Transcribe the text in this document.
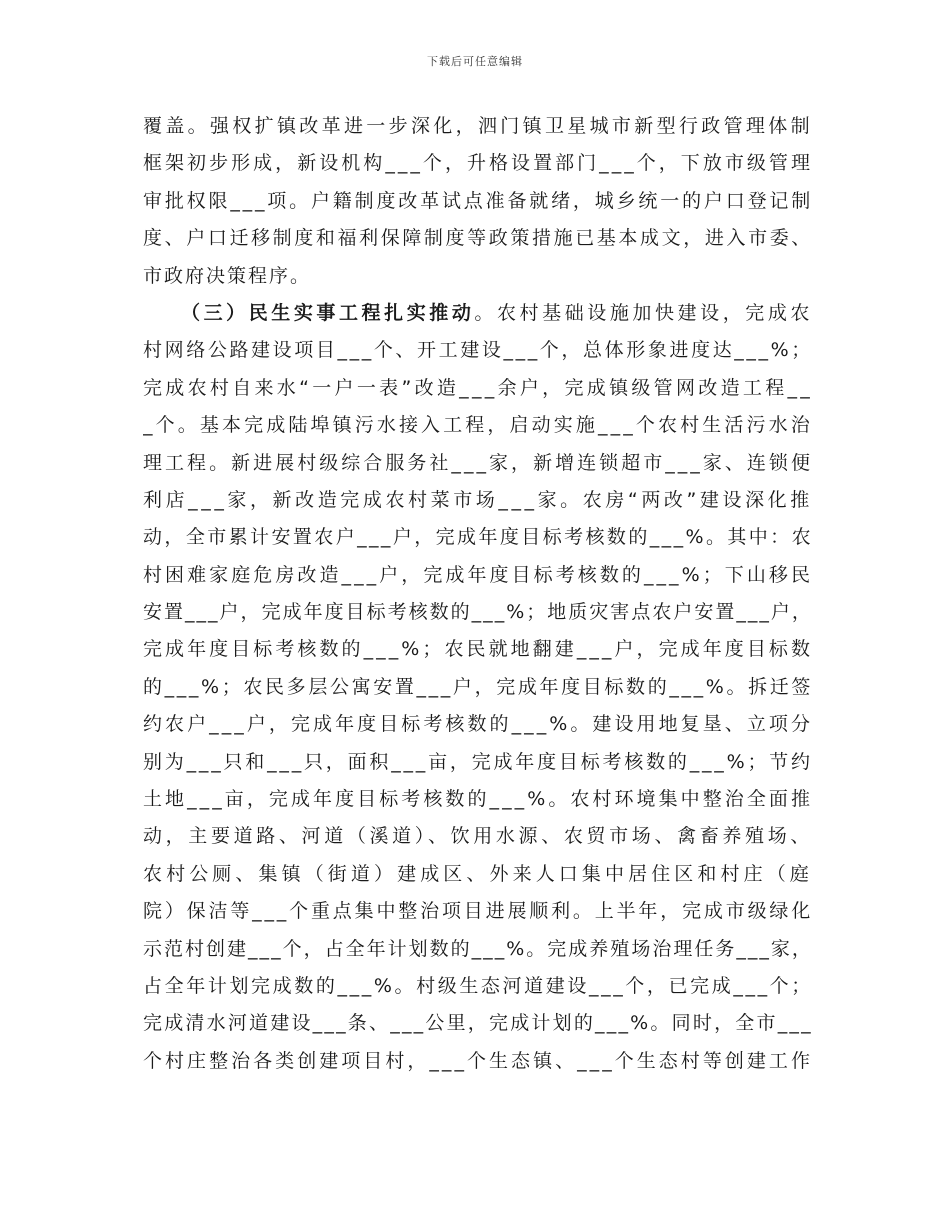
下载后可任意编辑
覆盖。强权扩镇改革进一步深化，泗门镇卫星城市新型行政管理体制
框架初步形成，新设机构___个，升格设置部门___个，下放市级管理
审批权限___项。户籍制度改革试点准备就绪，城乡统一的户口登记制
度、户口迁移制度和福利保障制度等政策措施已基本成文，进入市委、
市政府决策程序。
（三）民生实事工程扎实推动。农村基础设施加快建设，完成农
村网络公路建设项目___个、开工建设___个，总体形象进度达___%；
完成农村自来水“一户一表”改造___余户，完成镇级管网改造工程__
_个。基本完成陆埠镇污水接入工程，启动实施___个农村生活污水治
理工程。新进展村级综合服务社___家，新增连锁超市___家、连锁便
利店___家，新改造完成农村菜市场___家。农房“两改”建设深化推
动，全市累计安置农户___户，完成年度目标考核数的___%。其中：农
村困难家庭危房改造___户，完成年度目标考核数的___%；下山移民
安置___户，完成年度目标考核数的___%；地质灾害点农户安置___户，
完成年度目标考核数的___%；农民就地翻建___户，完成年度目标数
的___%；农民多层公寓安置___户，完成年度目标数的___%。拆迁签
约农户___户，完成年度目标考核数的___%。建设用地复垦、立项分
别为___只和___只，面积___亩，完成年度目标考核数的___%；节约
土地___亩，完成年度目标考核数的___%。农村环境集中整治全面推
动，主要道路、河道（溪道）、饮用水源、农贸市场、禽畜养殖场、
农村公厕、集镇（街道）建成区、外来人口集中居住区和村庄（庭
院）保洁等___个重点集中整治项目进展顺利。上半年，完成市级绿化
示范村创建___个，占全年计划数的___%。完成养殖场治理任务___家，
占全年计划完成数的___%。村级生态河道建设___个，已完成___个；
完成清水河道建设___条、___公里，完成计划的___%。同时，全市___
个村庄整治各类创建项目村，___个生态镇、___个生态村等创建工作
